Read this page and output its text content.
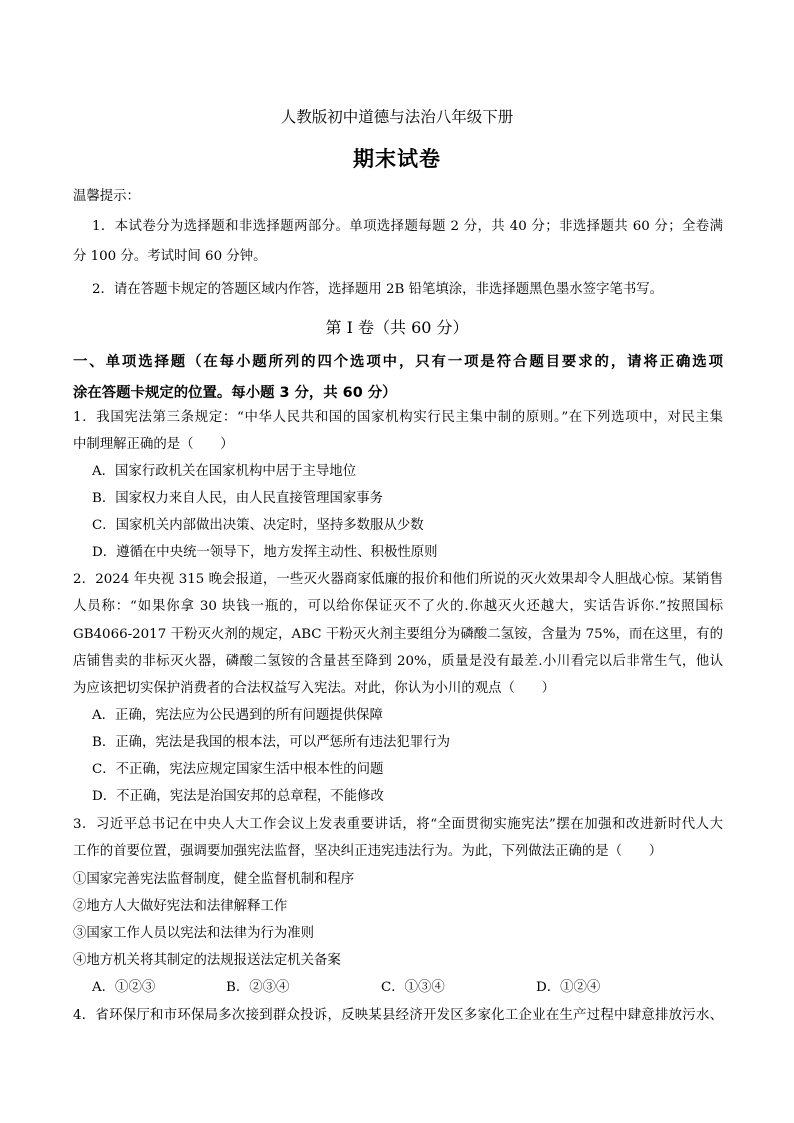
人教版初中道德与法治八年级下册
期末试卷
温馨提示：
1．本试卷分为选择题和非选择题两部分。单项选择题每题 2 分，共 40 分；非选择题共 60 分；全卷满
分 100 分。考试时间 60 分钟。
2．请在答题卡规定的答题区域内作答，选择题用 2B 铅笔填涂，非选择题黑色墨水签字笔书写。
第 I 卷（共 60 分）
一、单项选择题（在每小题所列的四个选项中，只有一项是符合题目要求的，请将正确选项
涂在答题卡规定的位置。每小题 3 分，共 60 分）
1．我国宪法第三条规定：“中华人民共和国的国家机构实行民主集中制的原则。”在下列选项中，对民主集
中制理解正确的是（　　）
A．国家行政机关在国家机构中居于主导地位
B．国家权力来自人民，由人民直接管理国家事务
C．国家机关内部做出决策、决定时，坚持多数服从少数
D．遵循在中央统一领导下，地方发挥主动性、积极性原则
2．2024 年央视 315 晚会报道，一些灭火器商家低廉的报价和他们所说的灭火效果却令人胆战心惊。某销售
人员称：“如果你拿 30 块钱一瓶的，可以给你保证灭不了火的.你越灭火还越大，实话告诉你.”按照国标
GB4066-2017 干粉灭火剂的规定，ABC 干粉灭火剂主要组分为磷酸二氢铵，含量为 75%，而在这里，有的
店铺售卖的非标灭火器，磷酸二氢铵的含量甚至降到 20%，质量是没有最差.小川看完以后非常生气，他认
为应该把切实保护消费者的合法权益写入宪法。对此，你认为小川的观点（　　）
A．正确，宪法应为公民遇到的所有问题提供保障
B．正确，宪法是我国的根本法，可以严惩所有违法犯罪行为
C．不正确，宪法应规定国家生活中根本性的问题
D．不正确，宪法是治国安邦的总章程，不能修改
3．习近平总书记在中央人大工作会议上发表重要讲话，将“全面贯彻实施宪法”摆在加强和改进新时代人大
工作的首要位置，强调要加强宪法监督，坚决纠正违宪违法行为。为此，下列做法正确的是（　　）
①国家完善宪法监督制度，健全监督机制和程序
②地方人大做好宪法和法律解释工作
③国家工作人员以宪法和法律为行为准则
④地方机关将其制定的法规报送法定机关备案
A．①②③	B．②③④	C．①③④	D．①②④
4．省环保厅和市环保局多次接到群众投诉，反映某县经济开发区多家化工企业在生产过程中肆意排放污水、
